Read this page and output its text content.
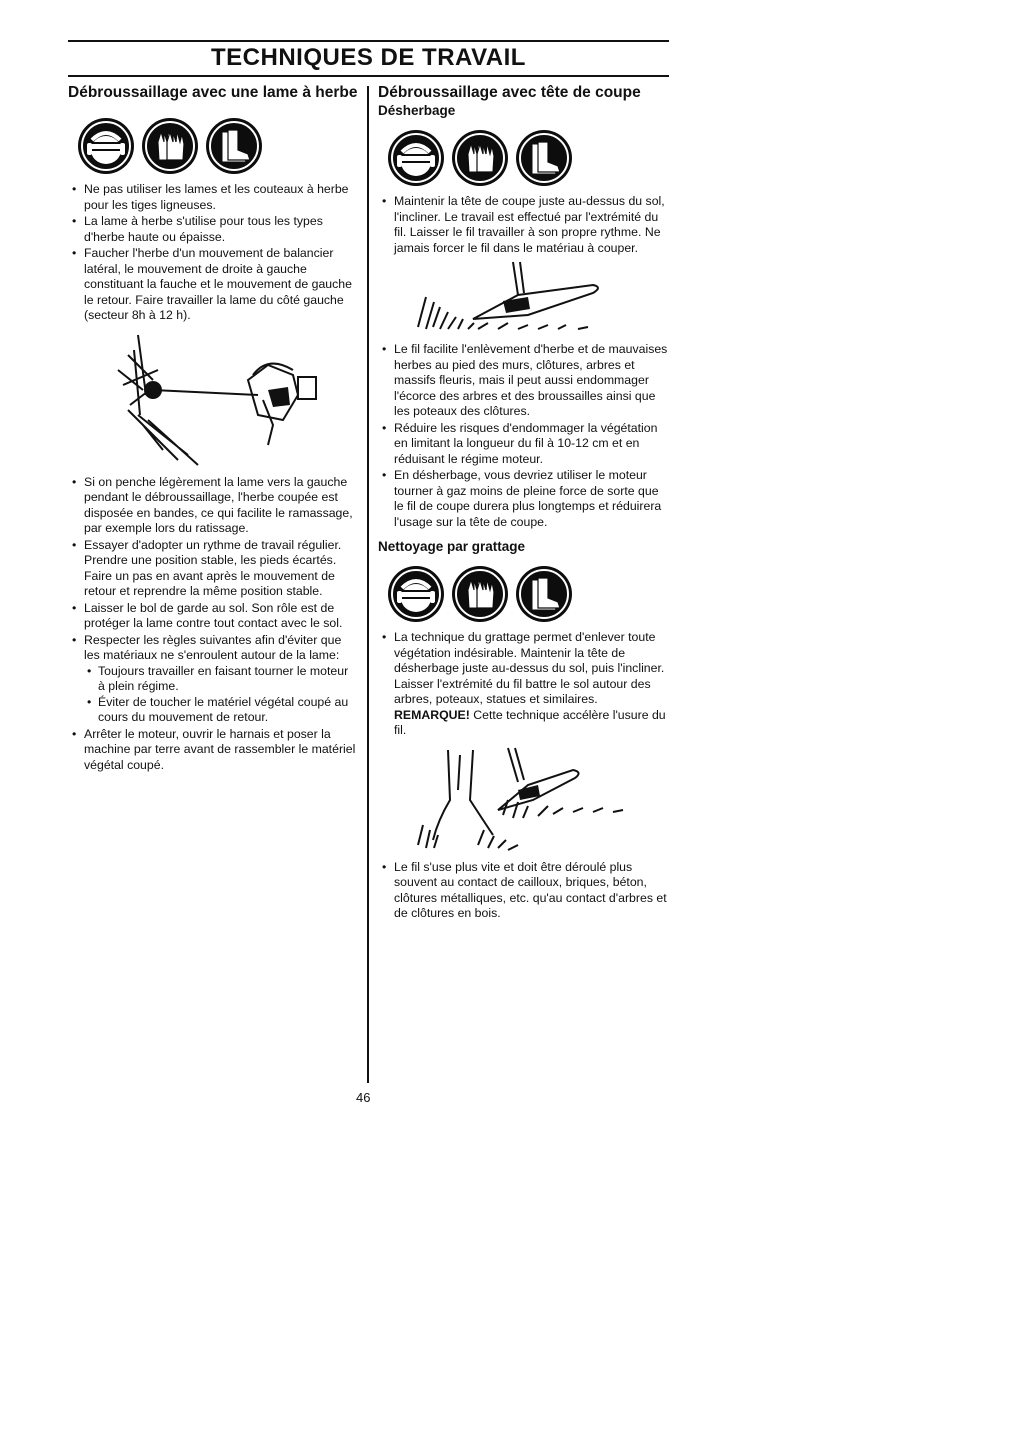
TECHNIQUES DE TRAVAIL
Débroussaillage avec une lame à herbe
• Ne pas utiliser les lames et les couteaux à herbe pour les tiges ligneuses.
• La lame à herbe s'utilise pour tous les types d'herbe haute ou épaisse.
• Faucher l'herbe d'un mouvement de balancier latéral, le mouvement de droite à gauche constituant la fauche et le mouvement de gauche le retour. Faire travailler la lame du côté gauche (secteur 8h à 12 h).
• Si on penche légèrement la lame vers la gauche pendant le débroussaillage, l'herbe coupée est disposée en bandes, ce qui facilite le ramassage, par exemple lors du ratissage.
• Essayer d'adopter un rythme de travail régulier. Prendre une position stable, les pieds écartés. Faire un pas en avant après le mouvement de retour et reprendre la même position stable.
• Laisser le bol de garde au sol. Son rôle est de protéger la lame contre tout contact avec le sol.
• Respecter les règles suivantes afin d'éviter que les matériaux ne s'enroulent autour de la lame:
• Toujours travailler en faisant tourner le moteur à plein régime.
• Éviter de toucher le matériel végétal coupé au cours du mouvement de retour.
• Arrêter le moteur, ouvrir le harnais et poser la machine par terre avant de rassembler le matériel végétal coupé.
Débroussaillage avec tête de coupe
Désherbage
• Maintenir la tête de coupe juste au-dessus du sol, l'incliner. Le travail est effectué par l'extrémité du fil. Laisser le fil travailler à son propre rythme. Ne jamais forcer le fil dans le matériau à couper.
• Le fil facilite l'enlèvement d'herbe et de mauvaises herbes au pied des murs, clôtures, arbres et massifs fleuris, mais il peut aussi endommager l'écorce des arbres et des broussailles ainsi que les poteaux des clôtures.
• Réduire les risques d'endommager la végétation en limitant la longueur du fil à 10-12 cm et en réduisant le régime moteur.
• En désherbage, vous devriez utiliser le moteur tourner à gaz moins de pleine force de sorte que le fil de coupe durera plus longtemps et réduirera l'usage sur la tête de coupe.
Nettoyage par grattage
• La technique du grattage permet d'enlever toute végétation indésirable. Maintenir la tête de désherbage juste au-dessus du sol, puis l'incliner. Laisser l'extrémité du fil battre le sol autour des arbres, poteaux, statues et similaires.
REMARQUE! Cette technique accélère l'usure du fil.
• Le fil s'use plus vite et doit être déroulé plus souvent au contact de cailloux, briques, béton, clôtures métalliques, etc. qu'au contact d'arbres et de clôtures en bois.
46
